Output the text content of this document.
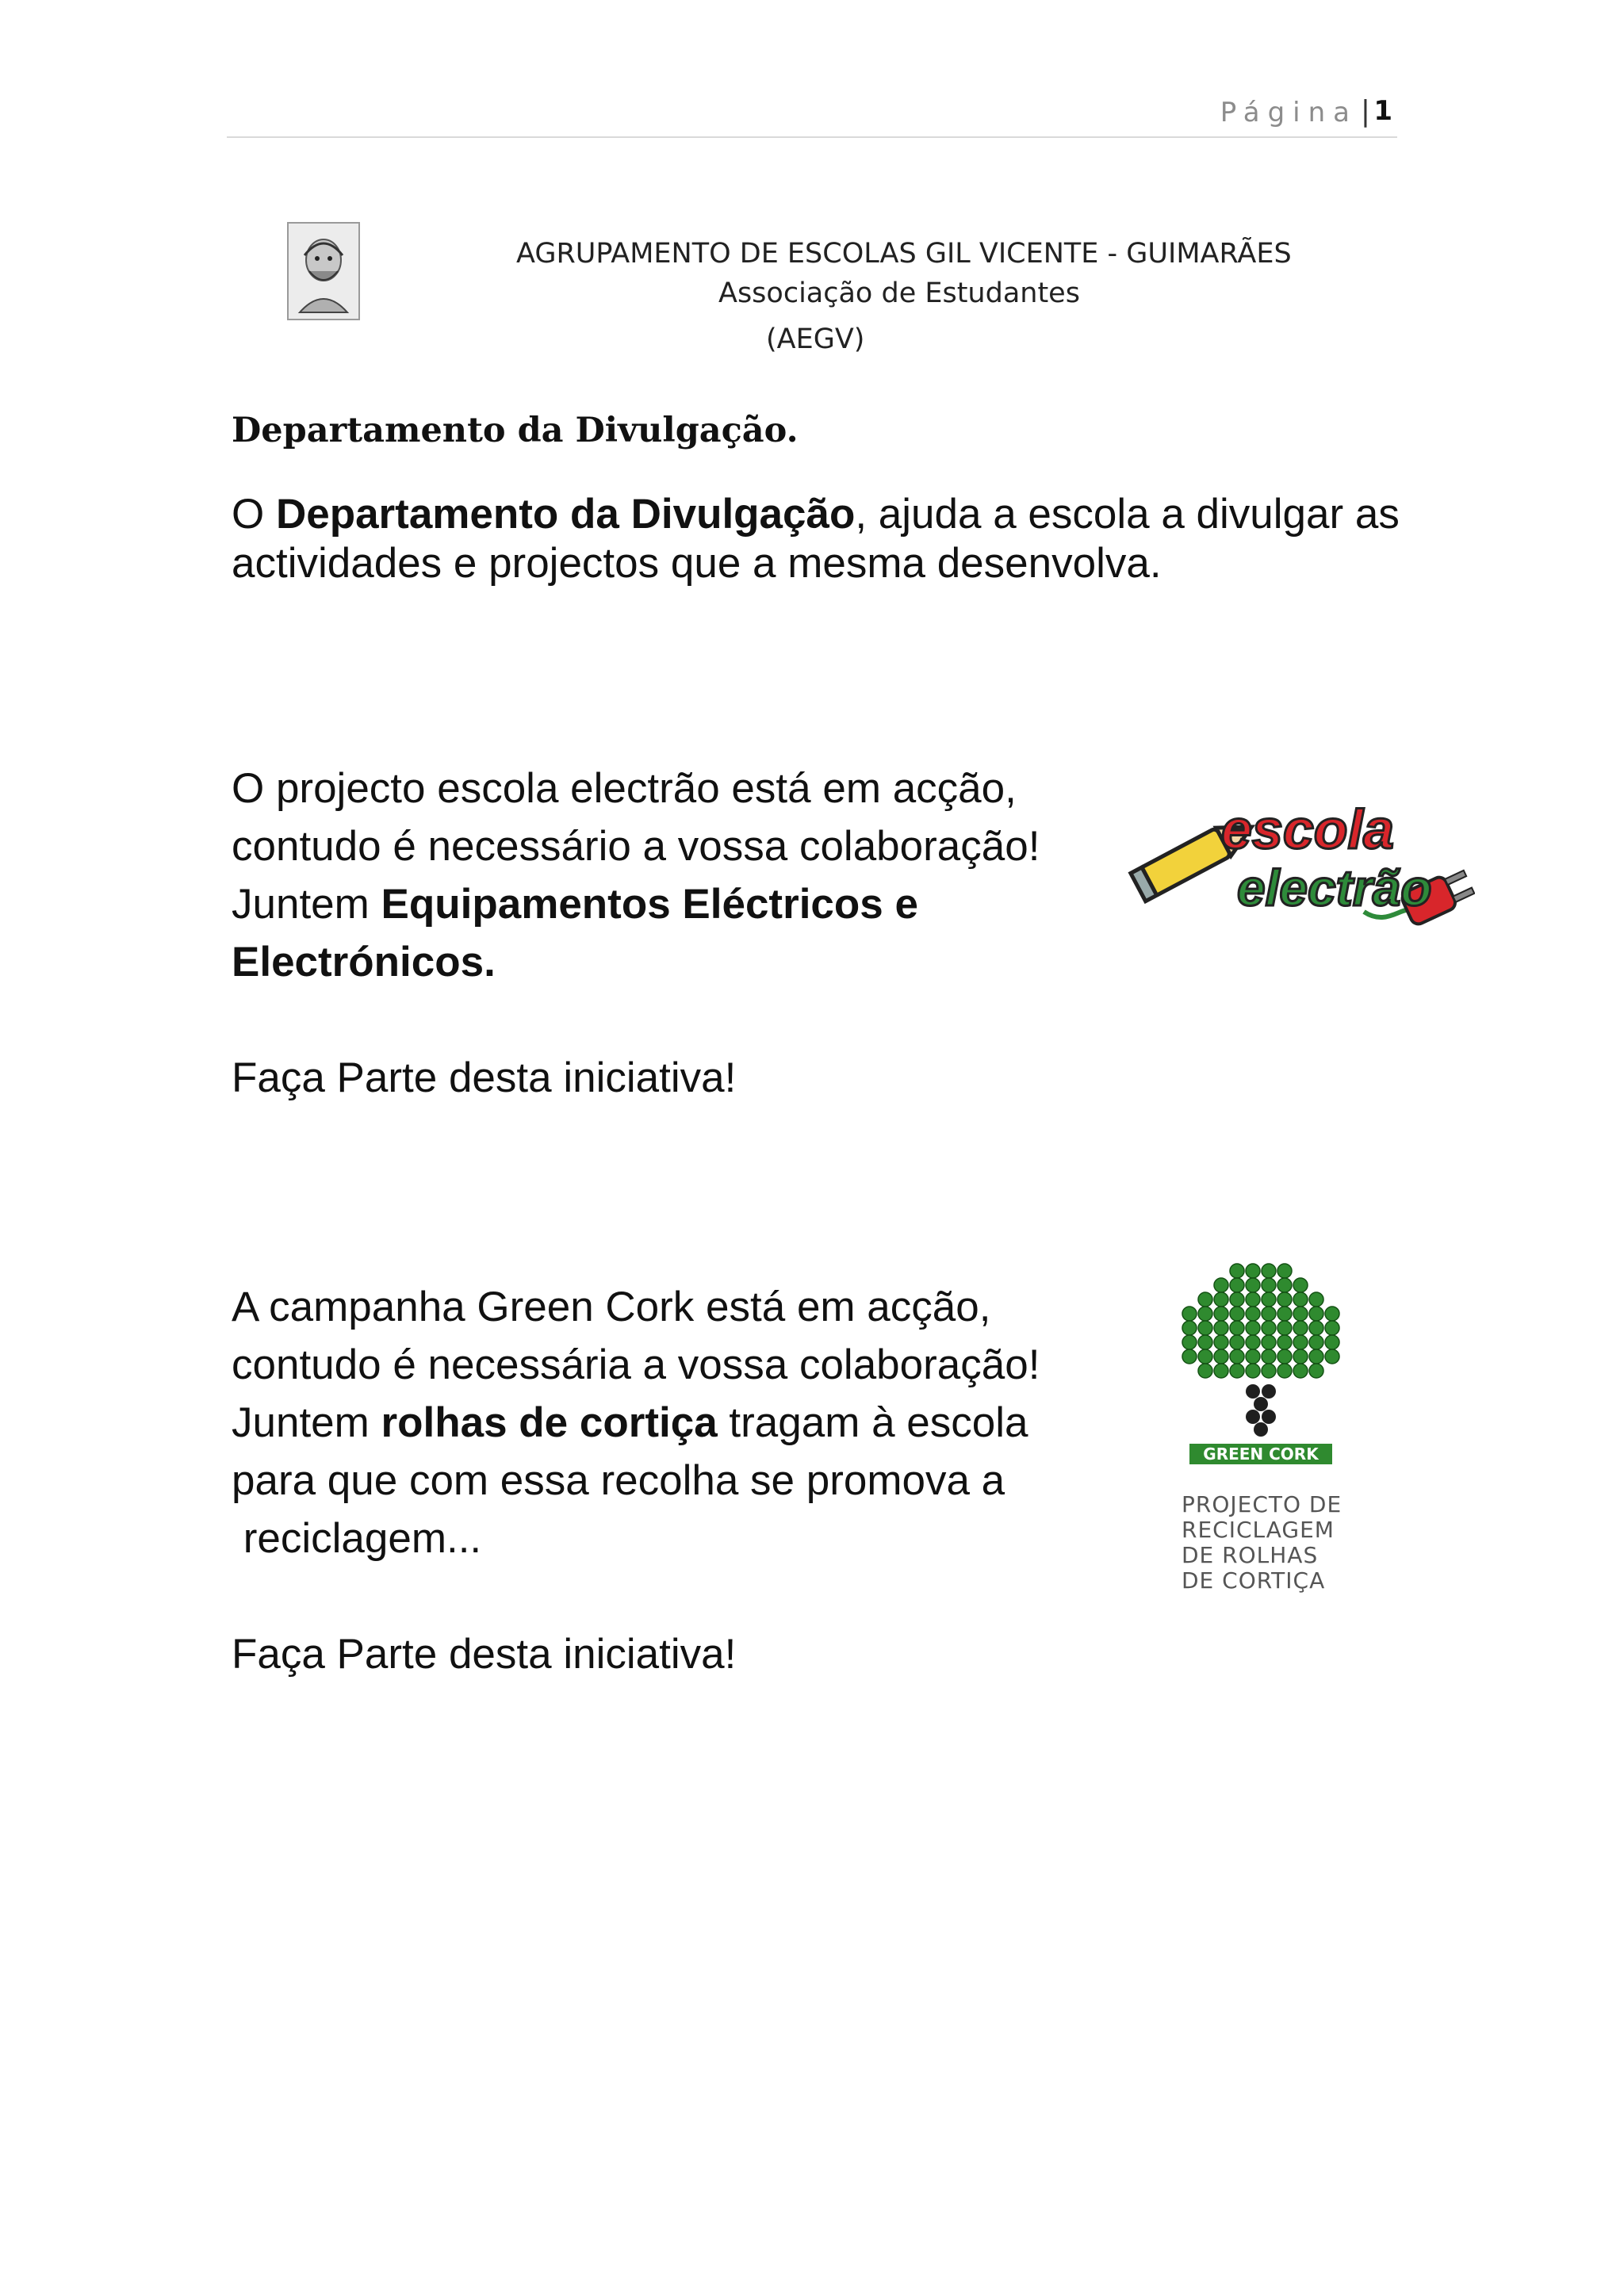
Página | 1
AGRUPAMENTO DE ESCOLAS GIL VICENTE - GUIMARÃES
Associação de Estudantes
(AEGV)
Departamento da Divulgação.
O Departamento da Divulgação, ajuda a escola a divulgar as actividades e projectos que a mesma desenvolva.
O projecto escola electrão está em acção,
contudo é necessário a vossa colaboração!
Juntem Equipamentos Eléctricos e
Electrónicos.
Faça Parte desta iniciativa!
escola
electrão
A campanha Green Cork está em acção,
contudo é necessária a vossa colaboração!
Juntem rolhas de cortiça tragam à escola
para que com essa recolha se promova a
reciclagem...
Faça Parte desta iniciativa!
GREEN CORK
PROJECTO DE
RECICLAGEM
DE ROLHAS
DE CORTIÇA
